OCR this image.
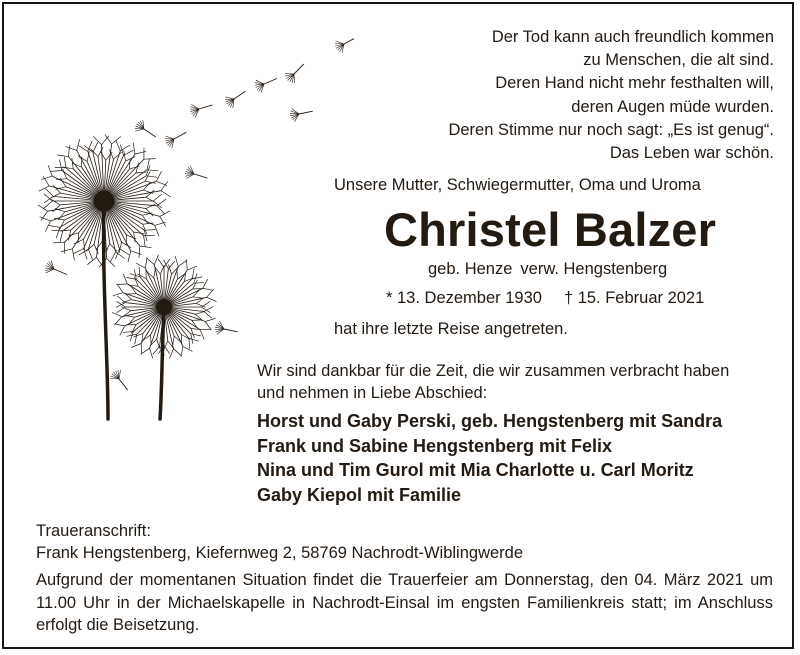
Der Tod kann auch freundlich kommen
zu Menschen, die alt sind.
Deren Hand nicht mehr festhalten will,
deren Augen müde wurden.
Deren Stimme nur noch sagt: „Es ist genug“.
Das Leben war schön.
Unsere Mutter, Schwiegermutter, Oma und Uroma
Christel Balzer
geb. Henze verw. Hengstenberg
* 13. Dezember 1930 † 15. Februar 2021
hat ihre letzte Reise angetreten.
Wir sind dankbar für die Zeit, die wir zusammen verbracht haben
und nehmen in Liebe Abschied:
Horst und Gaby Perski, geb. Hengstenberg mit Sandra
Frank und Sabine Hengstenberg mit Felix
Nina und Tim Gurol mit Mia Charlotte u. Carl Moritz
Gaby Kiepol mit Familie
Traueranschrift:
Frank Hengstenberg, Kiefernweg 2, 58769 Nachrodt-Wiblingwerde
Aufgrund der momentanen Situation findet die Trauerfeier am Donnerstag, den 04. März 2021 um 11.00 Uhr in der Michaelskapelle in Nachrodt-Einsal im engsten Familienkreis statt; im Anschluss erfolgt die Beisetzung.
